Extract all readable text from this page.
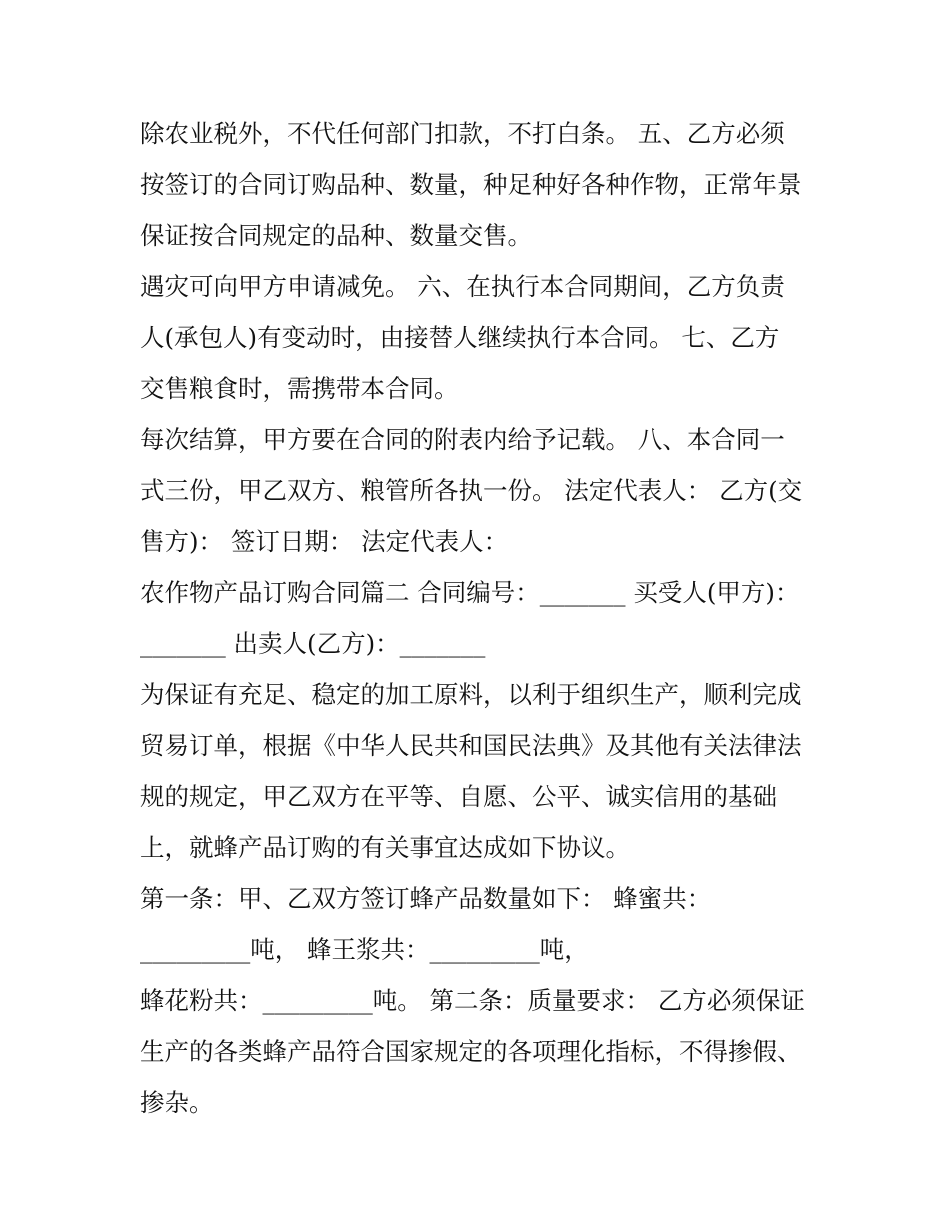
除农业税外，不代任何部门扣款，不打白条。 五、乙方必须

按签订的合同订购品种、数量，种足种好各种作物，正常年景

保证按合同规定的品种、数量交售。

遇灾可向甲方申请减免。 六、在执行本合同期间，乙方负责

人(承包人)有变动时，由接替人继续执行本合同。 七、乙方

交售粮食时，需携带本合同。

每次结算，甲方要在合同的附表内给予记载。 八、本合同一

式三份，甲乙双方、粮管所各执一份。 法定代表人： 乙方(交

售方)： 签订日期： 法定代表人：

农作物产品订购合同篇二 合同编号：_______ 买受人(甲方)：

_______ 出卖人(乙方)：_______

为保证有充足、稳定的加工原料，以利于组织生产，顺利完成

贸易订单，根据《中华人民共和国民法典》及其他有关法律法

规的规定，甲乙双方在平等、自愿、公平、诚实信用的基础

上，就蜂产品订购的有关事宜达成如下协议。

第一条：甲、乙双方签订蜂产品数量如下： 蜂蜜共：

_________吨， 蜂王浆共：_________吨，

蜂花粉共：_________吨。 第二条：质量要求： 乙方必须保证

生产的各类蜂产品符合国家规定的各项理化指标，不得掺假、

掺杂。
